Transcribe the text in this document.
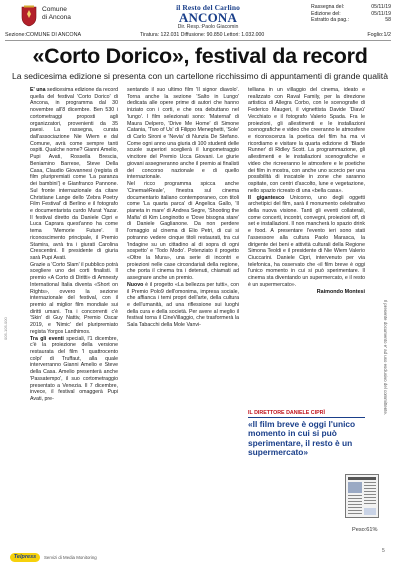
Comune
di Ancona
il Resto del Carlino
ANCONA
Dir. Resp.:Paolo Giacomin
Rassegna del:	05/11/19
Edizione del:	05/11/19
Estratto da pag.:	58
Sezione:COMUNE DI ANCONA	Tiratura: 122.031 Diffusione: 90.850 Lettori: 1.032.000	Foglio:1/2
«Corto Dorico», festival da record
La sedicesima edizione si presenta con un cartellone ricchissimo di appuntamenti di grande qualità

E' una sedicesima edizione da record quella del festival 'Corto Dorico' di Ancona, in programma dal 30 novembre all'8 dicembre. Ben 530 i cortometraggi proposti agli organizzatori, provenienti da 35 paesi. La rassegna, curata dall'associazione Nie Wiem e dal Comune, avrà come sempre tanti ospiti. Qualche nome? Gianni Amelio, Pupi Avati, Rossella Brescia, Beniamino Barrese, Steve Della Casa, Claudio Giovannesi (regista di film pluripremiati come 'La paranza dei bambini') e Gianfranco Pannone. Sul fronte internazionale da citare Christiane Lange dello 'Zebra Poetry Film Festival' di Berlino e il fotografo e documentarista curdo Murat Yazar. Il festival diretto da Daniele Cipri e Luca Caprara quest'anno ha come tema 'Memorie Future'. Il riconoscimento principale, il Premio Stamira, avrà tra i giurati Carolina Crescentini. Il presidente di giuria sarà Pupi Avati.

Grazie a 'Corto Slam' il pubblico potrà scegliere uno dei corti finalisti. Il premio «A Corto di Diritti» di Amnesty International Italia diventa «Short on Rights», ovvero la sezione internazionale del festival, con il premio al miglior film mondiale sui diritti umani. Tra i concorrenti c'è 'Skin' di Guy Nattiv, Premio Oscar 2019, e 'Nimic' del pluripremiato regista Yorgos Lanthimos.

Tra gli eventi speciali, l'1 dicembre, c'è la proiezione della versione restaurata del film 'I quattrocento colpi' di Truffaut, alla quale interverranno Gianni Amelio e Steve della Casa. Amelio presenterà anche 'Passatempo', il suo cortometraggio presentato a Venezia. Il 7 dicembre, invece, il festival omaggerà Pupi Avati, pre-

sentando il suo ultimo film 'Il signor diavolo'. Torna anche la sezione 'Salto in Lungo' dedicata alle opere prime di autori che hanno iniziato con i corti, e che ora debuttano nel 'lungo'. I film selezionati sono: 'Maternal' di Maura Delpero, 'Drive Me Home' di Simone Catania, 'Two of Us' di Filippo Meneghetti, 'Sole' di Carlo Sironi e 'Nevia' di Nunzia De Stefano. Come ogni anno una giuria di 100 studenti delle scuole superiori sceglierà il lungometraggio vincitore del Premio Ucca Giovani. Le giurie giovani assegneranno anche il premio ai finalisti del concorso nazionale e di quello internazionale.

Nel ricco programma spicca anche 'CinemaèReale', finestra sul cinema documentario italiano contemporaneo, con titoli come 'La quarta parca' di Angelica Gallo, 'Il pianeta in mare' di Andrea Segre, 'Shooting the Mafia' di Kim Longinotto e 'Dove bisogna stare' di Daniele Gaglianone. Da non perdere l'omaggio al cinema di Elio Petri, di cui si potranno vedere cinque titoli restaurati, tra cui 'Indagine su un cittadino al di sopra di ogni sospetto' e 'Todo Modo'. Potenziato il progetto «Oltre la Mura», una serie di incontri e proiezioni nelle case circondariali della regione, che porta il cinema tra i detenuti, chiamati ad assegnare anche un premio.

Nuovo è il progetto «La bellezza per tutti», con il Premio Polo9 dell'omonima, impresa sociale, che affianca i temi propri dell'arte, della cultura e dell'umanità, ad una riflessione sui luoghi della cura e della società. Per avere al meglio il festival torna il CineVillaggio, che trasformerà la Sala Tabacchi della Mole Vanvi-

telliana in un villaggio del cinema, ideato e realizzato con Raval Family, per la direzione artistica di Allegra Corbo, con le scenografie di Federico Maugeri, il vignettista Davide 'Diavù' Vecchiato e il fotografo Valerio Spada. Fra le proiezioni, gli allestimenti e le installazioni scenografiche e video che creeranno le atmosfere e riconoscenza la poetica del film ha ma vi ricordiamo e visitare la quarta edizione di 'Blade Runner' di Ridley Scott. La programmazione, gli allestimenti e le installazioni scenografiche e video che ricreeranno le atmosfere e le poetiche dei film in mostra, con anche uno scorcio per una possibilità di inscatole in zone che saranno ospitate, con centri d'ascolto, lune e vegetazione, nello spazio ricreato di una «bella casa».

Il gigantesco Unicorno, uno degli oggetti archetipici del film, sarà il monumento celebrativo della nuova visione. Tanti gli eventi collaterali, come concerti, incontri, convegni, proiezioni off, di set e installazioni. Il non mancherà lo spazio drink e food. A presentare l'evento ieri sono stati l'assessore alla cultura Paolo Marasca, la dirigente dei beni e attività culturali della Regione Simona Teoldi e il presidente di Nie Wiem Valerio Ciuccarini. Daniele Cipri, intervenuto per via telefonica, ha osservato che «il film breve è oggi l'unico momento in cui si può sperimentare. Il cinema sta diventando un supermercato, e il resto è un supermercato».

Raimondo Montesi

IL DIRETTORE DANIELE CIPRÌ
«Il film breve è oggi l'unico momento in cui si può sperimentare, il resto è un supermercato»
Peso:61%
Il presente documento e' ad uso esclusivo del committente.
005-105-000
5
Telpress	Servizi di Media Monitoring
